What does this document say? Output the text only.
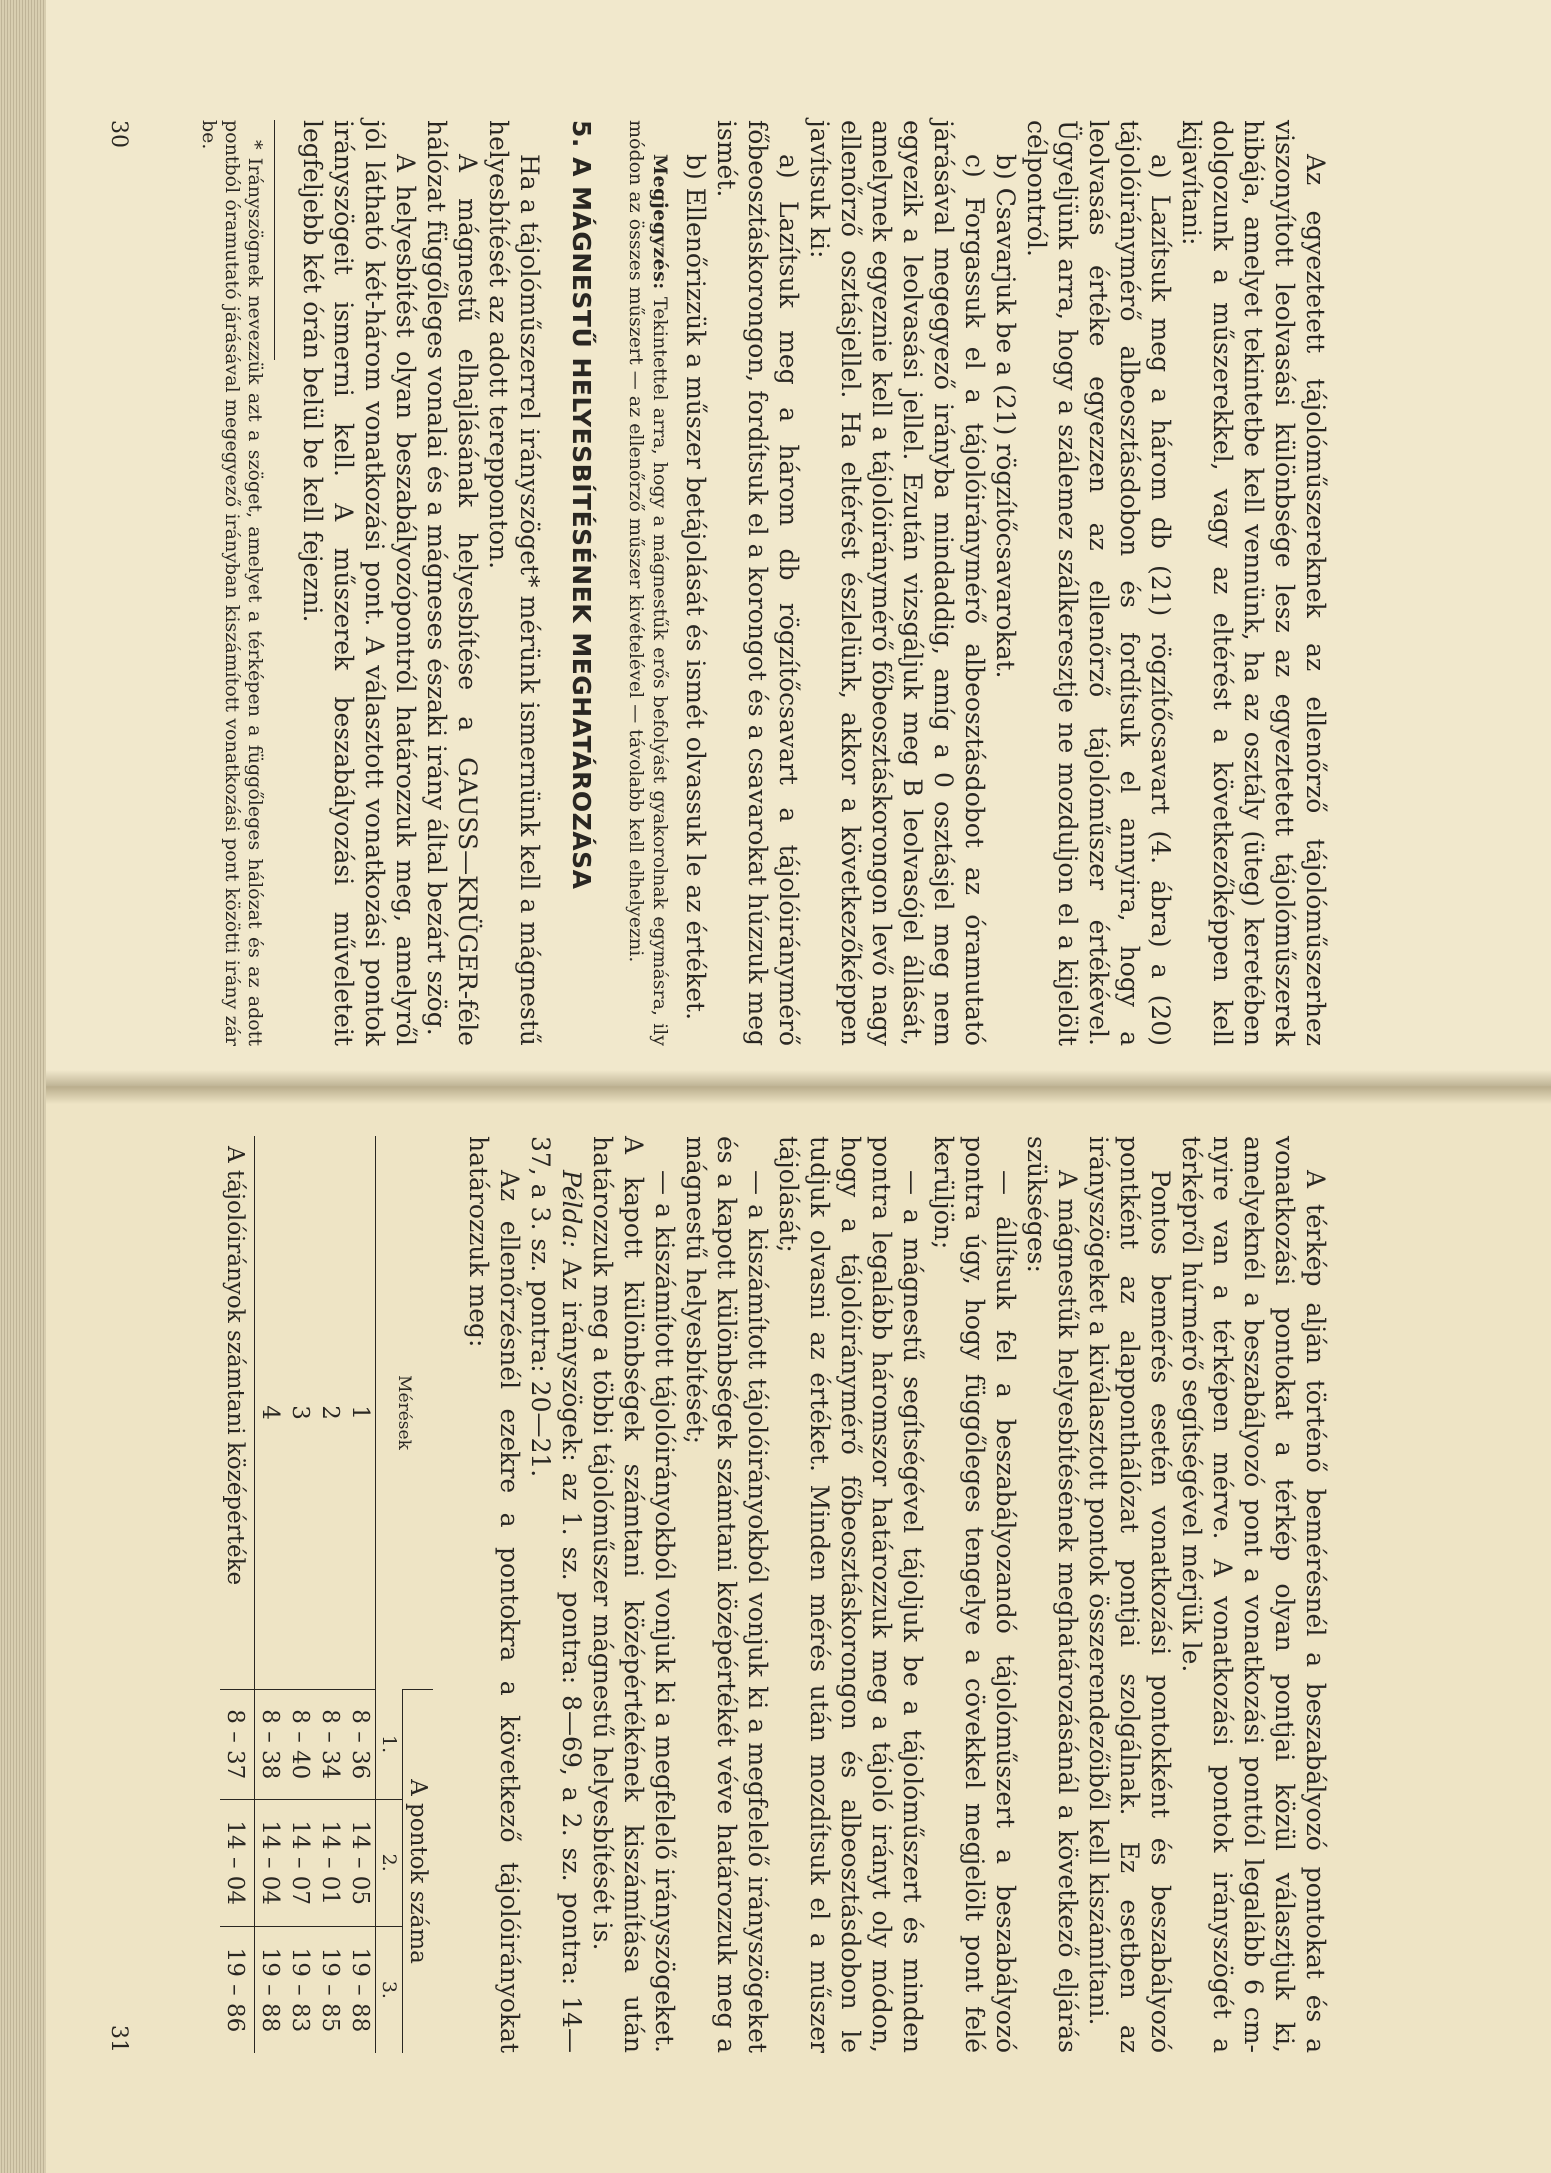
Az egyeztetett tájolóműszereknek az ellenőrző tájolóműszerhez viszonyított leolvasási különbsége lesz az egyeztetett tájolóműszerek hibája, amelyet tekintetbe kell vennünk, ha az osztály (üteg) keretében dolgozunk a műszerekkel, vagy az eltérést a következőképpen kell kijavítani:

a) Lazítsuk meg a három db (21) rögzítőcsavart (4. ábra) a (20) tájolóiránymérő albeosztásdobon és fordítsuk el annyira, hogy a leolvasás értéke egyezzen az ellenőrző tájolóműszer értékével. Ügyeljünk arra, hogy a szálemez szálkeresztje ne mozduljon el a kijelölt célpontról.

b) Csavarjuk be a (21) rögzítőcsavarokat.

c) Forgassuk el a tájolóiránymérő albeosztásdobot az óramutató járásával megegyező irányba mindaddig, amíg a 0 osztásjel meg nem egyezik a leolvasási jellel. Ezután vizsgáljuk meg B leolvasójel állását, amelynek egyeznie kell a tájolóiránymérő főbeosztáskorongon levő nagy ellenőrző osztásjellel. Ha eltérést észlelünk, akkor a következőképpen javítsuk ki:

a) Lazítsuk meg a három db rögzítőcsavart a tájolóiránymérő főbeosztáskorongon, fordítsuk el a korongot és a csavarokat húzzuk meg ismét.

b) Ellenőrizzük a műszer betájolását és ismét olvassuk le az értéket.

Megjegyzés: Tekintettel arra, hogy a mágnestűk erős befolyást gyakorolnak egymásra, ily módon az összes műszert — az ellenőrző műszer kivételével — távolabb kell elhelyezni.

5. A MÁGNESTŰ HELYESBÍTÉSÉNEK MEGHATÁROZÁSA

Ha a tájolóműszerrel irányszöget* mérünk ismernünk kell a mágnestű helyesbítését az adott terepponton.

A mágnestű elhajlásának helyesbítése a GAUSS—KRÜGER-féle hálózat függőleges vonalai és a mágneses északi irány által bezárt szög.

A helyesbítést olyan beszabályozópontról határozzuk meg, amelyről jól látható két-három vonatkozási pont. A választott vonatkozási pontok irányszögeit ismerni kell. A műszerek beszabályozási műveleteit legfeljebb két órán belül be kell fejezni.

* Irányszögnek nevezzük azt a szöget, amelyet a térképen a függőleges hálózat és az adott pontból óramutató járásával megegyező irányban kiszámított vonatkozási pont közötti irány zár be.

30

A térkép alján történő bemérésnél a beszabályozó pontokat és a vonatkozási pontokat a térkép olyan pontjai közül választjuk ki, amelyeknél a beszabályozó pont a vonatkozási ponttól legalább 6 cm-nyire van a térképen mérve. A vonatkozási pontok irányszögét a térképről húrmérő segítségével mérjük le.

Pontos bemérés esetén vonatkozási pontokként és beszabályozó pontként az alapponthálózat pontjai szolgálnak. Ez esetben az irányszögeket a kiválasztott pontok összerendezőiből kell kiszámítani.

A mágnestűk helyesbítésének meghatározásánál a következő eljárás szükséges:

— állítsuk fel a beszabályozandó tájolóműszert a beszabályozó pontra úgy, hogy függőleges tengelye a cövekkel megjelölt pont felé kerüljön;

— a mágnestű segítségével tájoljuk be a tájolóműszert és minden pontra legalább háromszor határozzuk meg a tájoló irányt oly módon, hogy a tájolóiránymérő főbeosztáskorongon és albeosztásdobon le tudjuk olvasni az értéket. Minden mérés után mozdítsuk el a műszer tájolását;

— a kiszámított tájolóirányokból vonjuk ki a megfelelő irányszögeket és a kapott különbségek számtani középértékét véve határozzuk meg a mágnestű helyesbítését;

— a kiszámított tájolóirányokból vonjuk ki a megfelelő irányszögeket. A kapott különbségek számtani középértékének kiszámítása után határozzuk meg a többi tájolóműszer mágnestű helyesbítését is.

Példa: Az irányszögek: az 1. sz. pontra: 8—69, a 2. sz. pontra: 14—37, a 3. sz. pontra: 20—21.

Az ellenőrzésnél ezekre a pontokra a következő tájolóirányokat határozzuk meg:

Mérések	A pontok száma		
	1.	2.	3.
1	8 – 36	14 – 05	19 – 88
2	8 – 34	14 – 01	19 – 85
3	8 – 40	14 – 07	19 – 83
4	8 – 38	14 – 04	19 – 88
A tájolóirányok számtani középértéke	8 – 37	14 – 04	19 – 86
31
